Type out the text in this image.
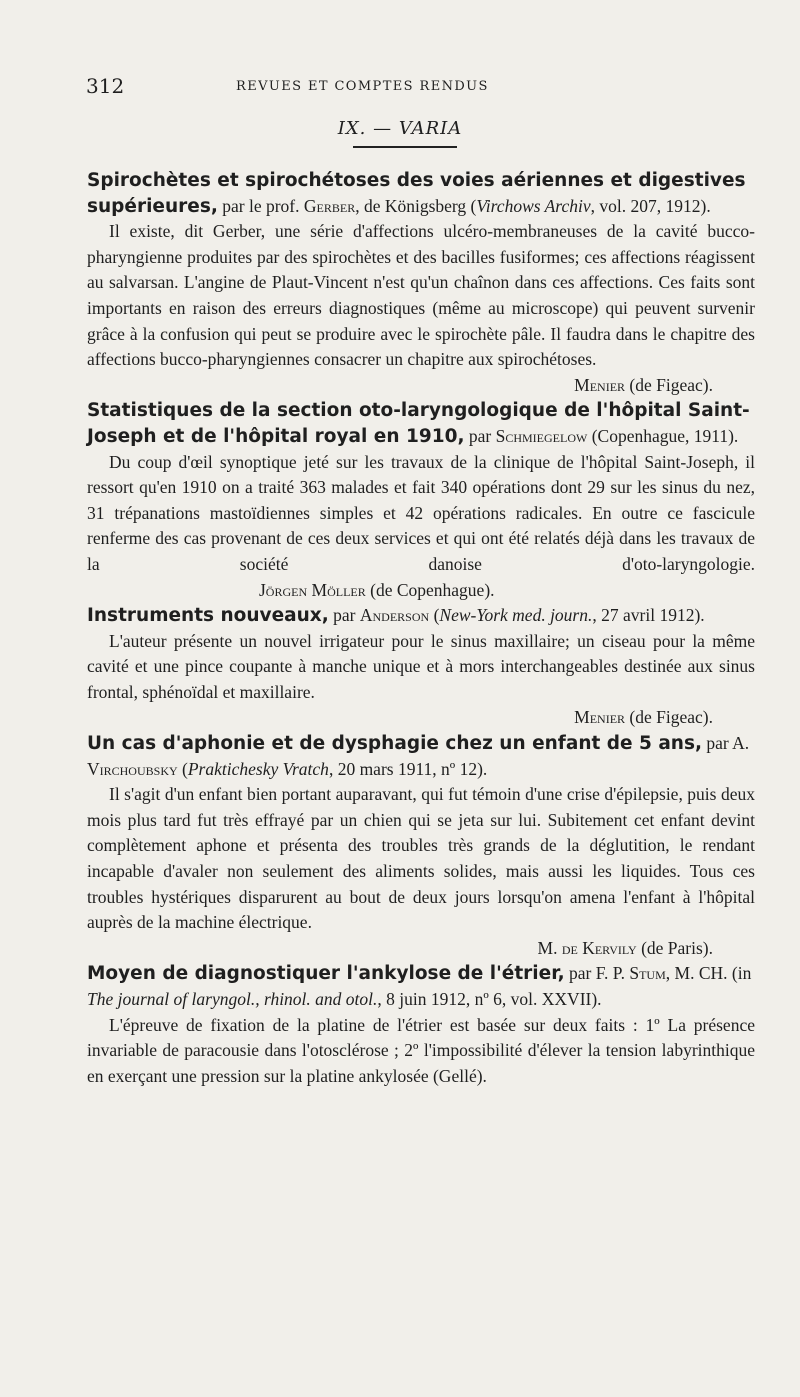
312	REVUES ET COMPTES RENDUS
IX. — VARIA

Spirochètes et spirochétoses des voies aériennes et digestives supérieures, par le prof. Gerber, de Königsberg (Virchows Archiv, vol. 207, 1912).

Il existe, dit Gerber, une série d'affections ulcéro-membraneuses de la cavité bucco-pharyngienne produites par des spirochètes et des bacilles fusiformes; ces affections réagissent au salvarsan. L'angine de Plaut-Vincent n'est qu'un chaînon dans ces affections. Ces faits sont importants en raison des erreurs diagnostiques (même au microscope) qui peuvent survenir grâce à la confusion qui peut se produire avec le spirochète pâle. Il faudra dans le chapitre des affections bucco-pharyngiennes consacrer un chapitre aux spirochétoses.

Menier (de Figeac).

Statistiques de la section oto-laryngologique de l'hôpital Saint-Joseph et de l'hôpital royal en 1910, par Schmiegelow (Copenhague, 1911).

Du coup d'œil synoptique jeté sur les travaux de la clinique de l'hôpital Saint-Joseph, il ressort qu'en 1910 on a traité 363 malades et fait 340 opérations dont 29 sur les sinus du nez, 31 trépanations mastoïdiennes simples et 42 opérations radicales. En outre ce fascicule renferme des cas provenant de ces deux services et qui ont été relatés déjà dans les travaux de la société danoise d'oto-laryngologie.Jörgen Möller (de Copenhague).

Instruments nouveaux, par Anderson (New-York med. journ., 27 avril 1912).

L'auteur présente un nouvel irrigateur pour le sinus maxillaire; un ciseau pour la même cavité et une pince coupante à manche unique et à mors interchangeables destinée aux sinus frontal, sphénoïdal et maxillaire.

Menier (de Figeac).

Un cas d'aphonie et de dysphagie chez un enfant de 5 ans, par A. Virchoubsky (Praktichesky Vratch, 20 mars 1911, nº 12).

Il s'agit d'un enfant bien portant auparavant, qui fut témoin d'une crise d'épilepsie, puis deux mois plus tard fut très effrayé par un chien qui se jeta sur lui. Subitement cet enfant devint complètement aphone et présenta des troubles très grands de la déglutition, le rendant incapable d'avaler non seulement des aliments solides, mais aussi les liquides. Tous ces troubles hystériques disparurent au bout de deux jours lorsqu'on amena l'enfant à l'hôpital auprès de la machine électrique.

M. de Kervily (de Paris).

Moyen de diagnostiquer l'ankylose de l'étrier, par F. P. Stum, M. CH. (in The journal of laryngol., rhinol. and otol., 8 juin 1912, nº 6, vol. XXVII).

L'épreuve de fixation de la platine de l'étrier est basée sur deux faits : 1º La présence invariable de paracousie dans l'otosclérose ; 2º l'impossibilité d'élever la tension labyrinthique en exerçant une pression sur la platine ankylosée (Gellé).
